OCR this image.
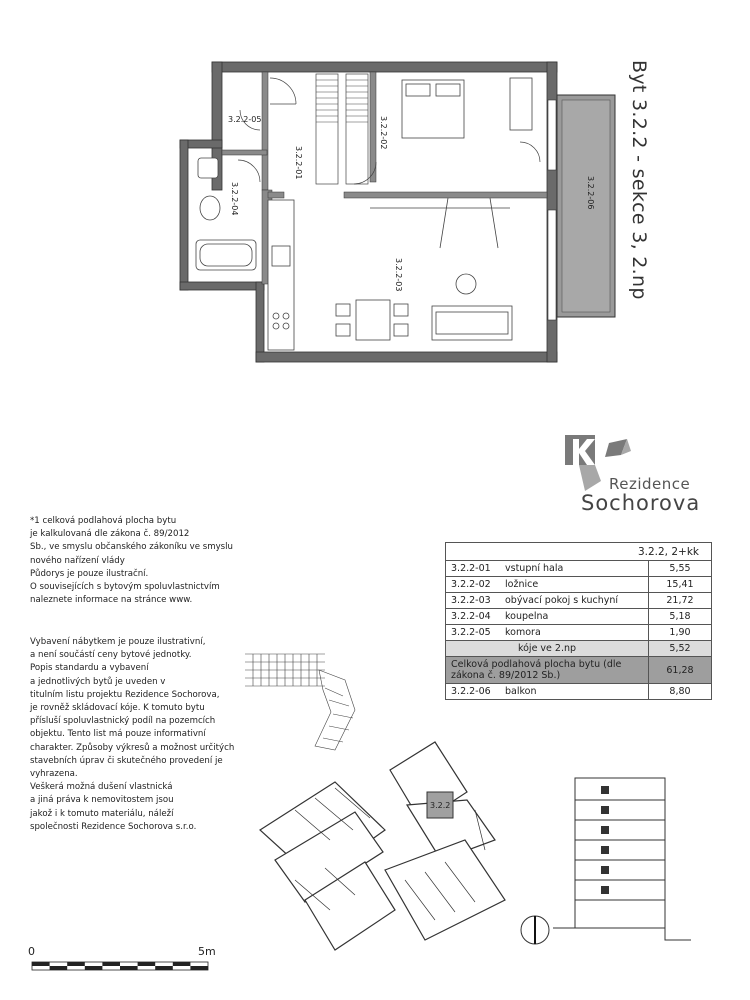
3.2.2-05
3.2.2-01
3.2.2-02
3.2.2-04
3.2.2-03
3.2.2-06 Byt 3.2.2 - sekce 3, 2.np
Rezidence
Sochorova

*1 celková podlahová plocha bytu
je kalkulovaná dle zákona č. 89/2012
Sb., ve smyslu občanského zákoníku ve smyslu
nového nařízení vlády
Půdorys je pouze ilustrační.
O souvisejících s bytovým spoluvlastnictvím
naleznete informace na stránce www.

Vybavení nábytkem je pouze ilustrativní,
a není součástí ceny bytové jednotky.
Popis standardu a vybavení
a jednotlivých bytů je uveden v
titulním listu projektu Rezidence Sochorova,
je rovněž skládovací kóje. K tomuto bytu
přísluší spoluvlastnický podíl na pozemcích
objektu. Tento list má pouze informativní
charakter. Způsoby výkresů a možnost určitých
stavebních úprav či skutečného provedení je
vyhrazena.
Veškerá možná dušení vlastnická
a jiná práva k nemovitostem jsou
jakož i k tomuto materiálu, náleží
společnosti Rezidence Sochorova s.r.o.

3.2.2, 2+kk		
3.2.2-01	vstupní hala	5,55
3.2.2-02	ložnice	15,41
3.2.2-03	obývací pokoj s kuchyní	21,72
3.2.2-04	koupelna	5,18
3.2.2-05	komora	1,90
kóje ve 2.np		5,52
Celková podlahová plocha bytu (dle zákona č. 89/2012 Sb.)		61,28
3.2.2-06	balkon	8,80
3.2.2
0	5m
